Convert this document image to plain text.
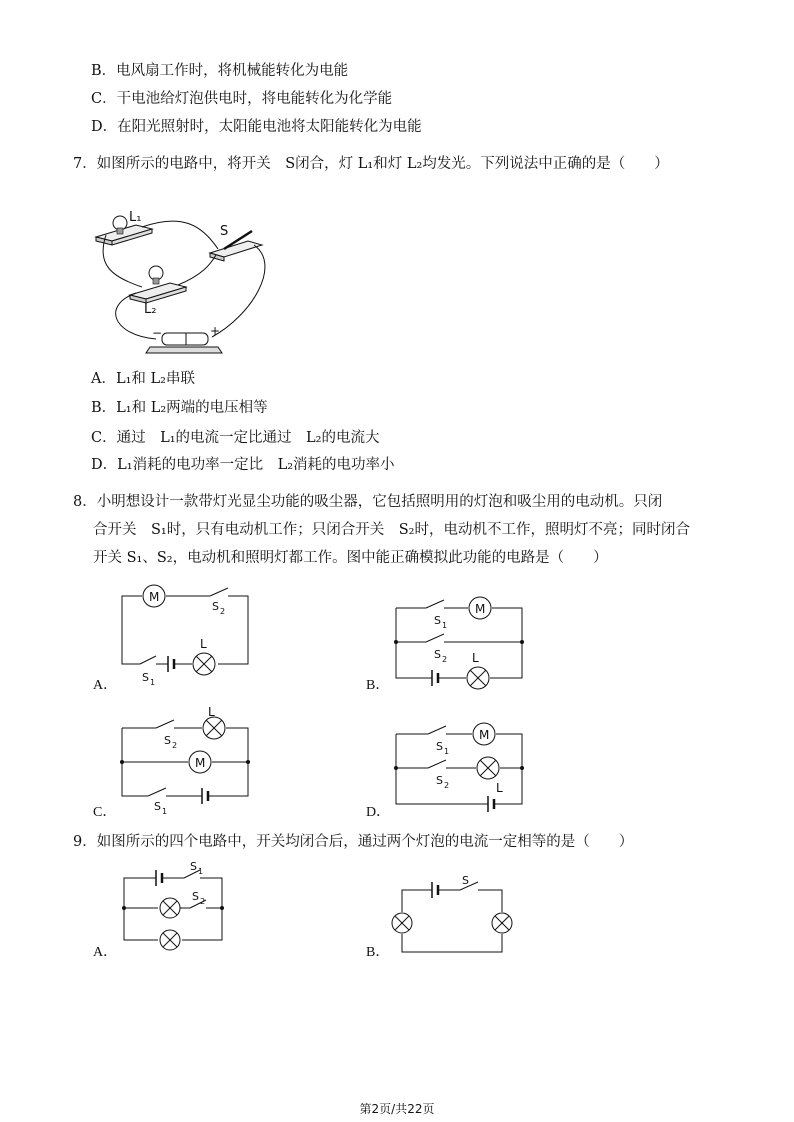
B．电风扇工作时，将机械能转化为电能
C．干电池给灯泡供电时，将电能转化为化学能
D．在阳光照射时，太阳能电池将太阳能转化为电能
7．如图所示的电路中，将开关　S闭合，灯 L₁和灯 L₂均发光。下列说法中正确的是（　　）
L₁
S
L₂
−	+
A．L₁和 L₂串联
B．L₁和 L₂两端的电压相等
C．通过　L₁的电流一定比通过　L₂的电流大
D．L₁消耗的电功率一定比　L₂消耗的电功率小
8．小明想设计一款带灯光显尘功能的吸尘器，它包括照明用的灯泡和吸尘用的电动机。只闭
合开关　S₁时，只有电动机工作；只闭合开关　S₂时，电动机不工作，照明灯不亮；同时闭合
开关 S₁、S₂，电动机和照明灯都工作。图中能正确模拟此功能的电路是（　　）
M
S 2
L
S 1
A．
M
S 1
S 2 L
B．
L
S 2
M
S 1
C．
M
S 1
S 2	L
D．
9．如图所示的四个电路中，开关均闭合后，通过两个灯泡的电流一定相等的是（　　）
S 1
S 2
A．
S
B．
第2页/共22页
